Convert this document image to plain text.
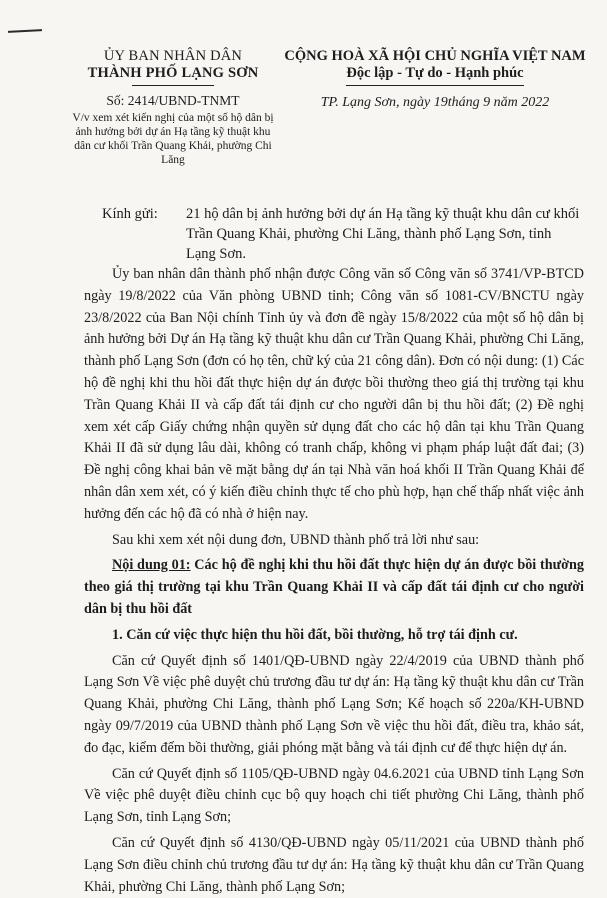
ỦY BAN NHÂN DÂN
THÀNH PHỐ LẠNG SƠN
Số: 2414/UBND-TNMT
V/v xem xét kiến nghị của một số hộ dân bị ảnh hưởng bởi dự án Hạ tầng kỹ thuật khu dân cư khối Trần Quang Khải, phường Chi Lăng
CỘNG HOÀ XÃ HỘI CHỦ NGHĨA VIỆT NAM
Độc lập - Tự do - Hạnh phúc
TP. Lạng Sơn, ngày 19tháng 9 năm 2022
Kính gửi: 21 hộ dân bị ảnh hưởng bởi dự án Hạ tầng kỹ thuật khu dân cư khối Trần Quang Khải, phường Chi Lăng, thành phố Lạng Sơn, tỉnh Lạng Sơn.

Ủy ban nhân dân thành phố nhận được Công văn số Công văn số 3741/VP-BTCD ngày 19/8/2022 của Văn phòng UBND tỉnh; Công văn số 1081-CV/BNCTU ngày 23/8/2022 của Ban Nội chính Tỉnh ủy và đơn đề ngày 15/8/2022 của một số hộ dân bị ảnh hưởng bởi Dự án Hạ tầng kỹ thuật khu dân cư Trần Quang Khải, phường Chi Lăng, thành phố Lạng Sơn (đơn có họ tên, chữ ký của 21 công dân). Đơn có nội dung: (1) Các hộ đề nghị khi thu hồi đất thực hiện dự án được bồi thường theo giá thị trường tại khu Trần Quang Khải II và cấp đất tái định cư cho người dân bị thu hồi đất; (2) Đề nghị xem xét cấp Giấy chứng nhận quyền sử dụng đất cho các hộ dân tại khu Trần Quang Khải II đã sử dụng lâu dài, không có tranh chấp, không vi phạm pháp luật đất đai; (3) Đề nghị công khai bản vẽ mặt bằng dự án tại Nhà văn hoá khối II Trần Quang Khải để nhân dân xem xét, có ý kiến điều chỉnh thực tế cho phù hợp, hạn chế thấp nhất việc ảnh hưởng đến các hộ đã có nhà ở hiện nay.

Sau khi xem xét nội dung đơn, UBND thành phố trả lời như sau:

Nội dung 01: Các hộ đề nghị khi thu hồi đất thực hiện dự án được bồi thường theo giá thị trường tại khu Trần Quang Khải II và cấp đất tái định cư cho người dân bị thu hồi đất

1. Căn cứ việc thực hiện thu hồi đất, bồi thường, hỗ trợ tái định cư.

Căn cứ Quyết định số 1401/QĐ-UBND ngày 22/4/2019 của UBND thành phố Lạng Sơn Về việc phê duyệt chủ trương đầu tư dự án: Hạ tầng kỹ thuật khu dân cư Trần Quang Khải, phường Chi Lăng, thành phố Lạng Sơn; Kế hoạch số 220a/KH-UBND ngày 09/7/2019 của UBND thành phố Lạng Sơn về việc thu hồi đất, điều tra, khảo sát, đo đạc, kiểm đếm bồi thường, giải phóng mặt bằng và tái định cư để thực hiện dự án.

Căn cứ Quyết định số 1105/QĐ-UBND ngày 04.6.2021 của UBND tỉnh Lạng Sơn Về việc phê duyệt điều chỉnh cục bộ quy hoạch chi tiết phường Chi Lăng, thành phố Lạng Sơn, tỉnh Lạng Sơn;

Căn cứ Quyết định số 4130/QĐ-UBND ngày 05/11/2021 của UBND thành phố Lạng Sơn điều chỉnh chủ trương đầu tư dự án: Hạ tầng kỹ thuật khu dân cư Trần Quang Khải, phường Chi Lăng, thành phố Lạng Sơn;
